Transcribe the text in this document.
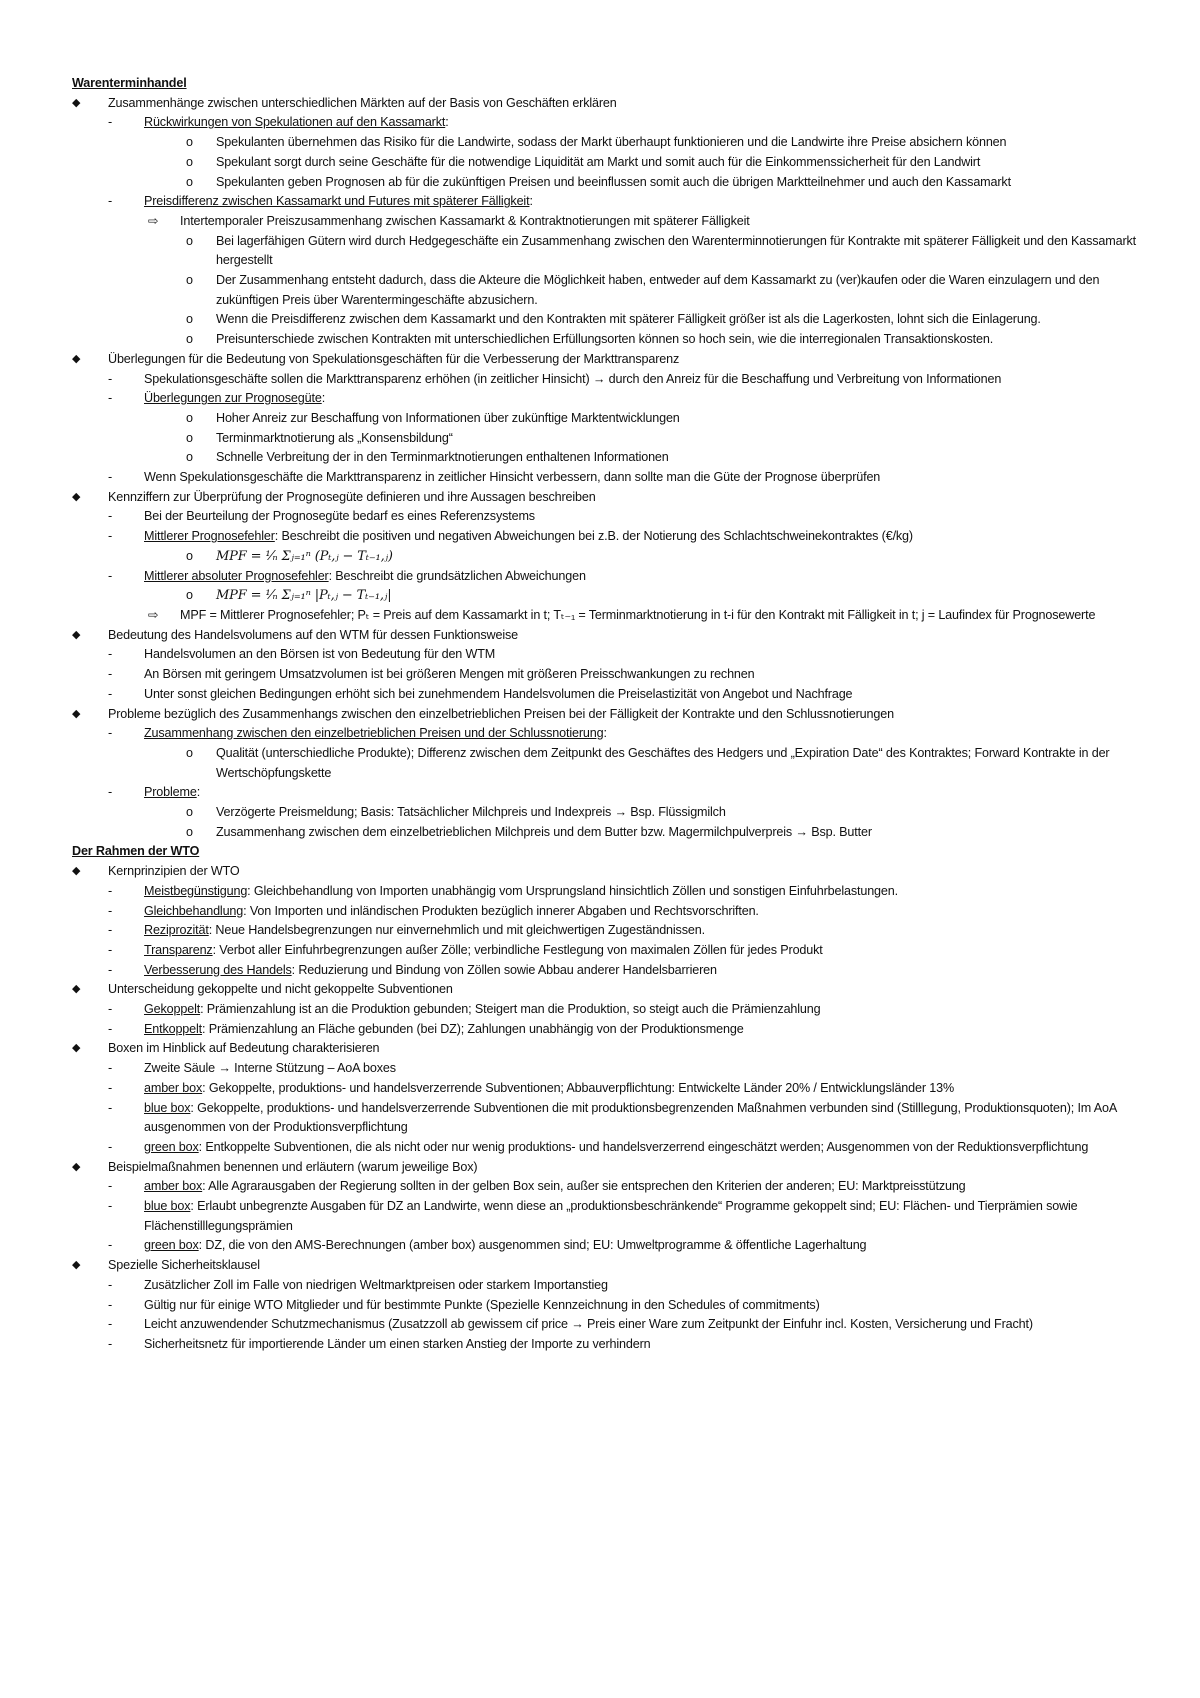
Warenterminhandel
◆ Zusammenhänge zwischen unterschiedlichen Märkten auf der Basis von Geschäften erklären
-	Rückwirkungen von Spekulationen auf den Kassamarkt:
o Spekulanten übernehmen das Risiko für die Landwirte, sodass der Markt überhaupt funktionieren und die Landwirte ihre Preise absichern können
o Spekulant sorgt durch seine Geschäfte für die notwendige Liquidität am Markt und somit auch für die Einkommenssicherheit für den Landwirt
o Spekulanten geben Prognosen ab für die zukünftigen Preisen und beeinflussen somit auch die übrigen Marktteilnehmer und auch den Kassamarkt
-	Preisdifferenz zwischen Kassamarkt und Futures mit späterer Fälligkeit:
⇨ Intertemporaler Preiszusammenhang zwischen Kassamarkt & Kontraktnotierungen mit späterer Fälligkeit
o Bei lagerfähigen Gütern wird durch Hedgegeschäfte ein Zusammenhang zwischen den Warenterminnotierungen für Kontrakte mit späterer Fälligkeit und den Kassamarkt hergestellt
o Der Zusammenhang entsteht dadurch, dass die Akteure die Möglichkeit haben, entweder auf dem Kassamarkt zu (ver)kaufen oder die Waren einzulagern und den zukünftigen Preis über Warentermingeschäfte abzusichern.
o Wenn die Preisdifferenz zwischen dem Kassamarkt und den Kontrakten mit späterer Fälligkeit größer ist als die Lagerkosten, lohnt sich die Einlagerung.
o Preisunterschiede zwischen Kontrakten mit unterschiedlichen Erfüllungsorten können so hoch sein, wie die interregionalen Transaktionskosten.
◆ Überlegungen für die Bedeutung von Spekulationsgeschäften für die Verbesserung der Markttransparenz
-	Spekulationsgeschäfte sollen die Markttransparenz erhöhen (in zeitlicher Hinsicht) → durch den Anreiz für die Beschaffung und Verbreitung von Informationen
-	Überlegungen zur Prognosegüte:
o Hoher Anreiz zur Beschaffung von Informationen über zukünftige Marktentwicklungen
o Terminmarktnotierung als „Konsensbildung“
o Schnelle Verbreitung der in den Terminmarktnotierungen enthaltenen Informationen
-	Wenn Spekulationsgeschäfte die Markttransparenz in zeitlicher Hinsicht verbessern, dann sollte man die Güte der Prognose überprüfen
◆ Kennziffern zur Überprüfung der Prognosegüte definieren und ihre Aussagen beschreiben
-	Bei der Beurteilung der Prognosegüte bedarf es eines Referenzsystems
-	Mittlerer Prognosefehler: Beschreibt die positiven und negativen Abweichungen bei z.B. der Notierung des Schlachtschweinekontraktes (€/kg)
o MPF = ¹⁄ₙ Σⱼ₌₁ⁿ (Pₜ,ⱼ − Tₜ₋₁,ⱼ)
-	Mittlerer absoluter Prognosefehler: Beschreibt die grundsätzlichen Abweichungen
o MPF = ¹⁄ₙ Σⱼ₌₁ⁿ |Pₜ,ⱼ − Tₜ₋₁,ⱼ|
⇨ MPF = Mittlerer Prognosefehler; Pₜ = Preis auf dem Kassamarkt in t; Tₜ₋₁ = Terminmarktnotierung in t-i für den Kontrakt mit Fälligkeit in t; j = Laufindex für Prognosewerte
◆ Bedeutung des Handelsvolumens auf den WTM für dessen Funktionsweise
-	Handelsvolumen an den Börsen ist von Bedeutung für den WTM
-	An Börsen mit geringem Umsatzvolumen ist bei größeren Mengen mit größeren Preisschwankungen zu rechnen
-	Unter sonst gleichen Bedingungen erhöht sich bei zunehmendem Handelsvolumen die Preiselastizität von Angebot und Nachfrage
◆ Probleme bezüglich des Zusammenhangs zwischen den einzelbetrieblichen Preisen bei der Fälligkeit der Kontrakte und den Schlussnotierungen
-	Zusammenhang zwischen den einzelbetrieblichen Preisen und der Schlussnotierung:
o Qualität (unterschiedliche Produkte); Differenz zwischen dem Zeitpunkt des Geschäftes des Hedgers und „Expiration Date“ des Kontraktes; Forward Kontrakte in der Wertschöpfungskette
-	Probleme:
o Verzögerte Preismeldung; Basis: Tatsächlicher Milchpreis und Indexpreis → Bsp. Flüssigmilch
o Zusammenhang zwischen dem einzelbetrieblichen Milchpreis und dem Butter bzw. Magermilchpulverpreis → Bsp. Butter
Der Rahmen der WTO
◆ Kernprinzipien der WTO
-	Meistbegünstigung: Gleichbehandlung von Importen unabhängig vom Ursprungsland hinsichtlich Zöllen und sonstigen Einfuhrbelastungen.
-	Gleichbehandlung: Von Importen und inländischen Produkten bezüglich innerer Abgaben und Rechtsvorschriften.
-	Reziprozität: Neue Handelsbegrenzungen nur einvernehmlich und mit gleichwertigen Zugeständnissen.
-	Transparenz: Verbot aller Einfuhrbegrenzungen außer Zölle; verbindliche Festlegung von maximalen Zöllen für jedes Produkt
-	Verbesserung des Handels: Reduzierung und Bindung von Zöllen sowie Abbau anderer Handelsbarrieren
◆ Unterscheidung gekoppelte und nicht gekoppelte Subventionen
-	Gekoppelt: Prämienzahlung ist an die Produktion gebunden; Steigert man die Produktion, so steigt auch die Prämienzahlung
-	Entkoppelt: Prämienzahlung an Fläche gebunden (bei DZ); Zahlungen unabhängig von der Produktionsmenge
◆ Boxen im Hinblick auf Bedeutung charakterisieren
-	Zweite Säule → Interne Stützung – AoA boxes
-	amber box: Gekoppelte, produktions- und handelsverzerrende Subventionen; Abbauverpflichtung: Entwickelte Länder 20% / Entwicklungsländer 13%
-	blue box: Gekoppelte, produktions- und handelsverzerrende Subventionen die mit produktionsbegrenzenden Maßnahmen verbunden sind (Stilllegung, Produktionsquoten); Im AoA ausgenommen von der Produktionsverpflichtung
-	green box: Entkoppelte Subventionen, die als nicht oder nur wenig produktions- und handelsverzerrend eingeschätzt werden; Ausgenommen von der Reduktionsverpflichtung
◆ Beispielmaßnahmen benennen und erläutern (warum jeweilige Box)
-	amber box: Alle Agrarausgaben der Regierung sollten in der gelben Box sein, außer sie entsprechen den Kriterien der anderen; EU: Marktpreisstützung
-	blue box: Erlaubt unbegrenzte Ausgaben für DZ an Landwirte, wenn diese an „produktionsbeschränkende“ Programme gekoppelt sind; EU: Flächen- und Tierprämien sowie Flächenstilllegungsprämien
-	green box: DZ, die von den AMS-Berechnungen (amber box) ausgenommen sind; EU: Umweltprogramme & öffentliche Lagerhaltung
◆ Spezielle Sicherheitsklausel
-	Zusätzlicher Zoll im Falle von niedrigen Weltmarktpreisen oder starkem Importanstieg
-	Gültig nur für einige WTO Mitglieder und für bestimmte Punkte (Spezielle Kennzeichnung in den Schedules of commitments)
-	Leicht anzuwendender Schutzmechanismus (Zusatzzoll ab gewissem cif price → Preis einer Ware zum Zeitpunkt der Einfuhr incl. Kosten, Versicherung und Fracht)
-	Sicherheitsnetz für importierende Länder um einen starken Anstieg der Importe zu verhindern
